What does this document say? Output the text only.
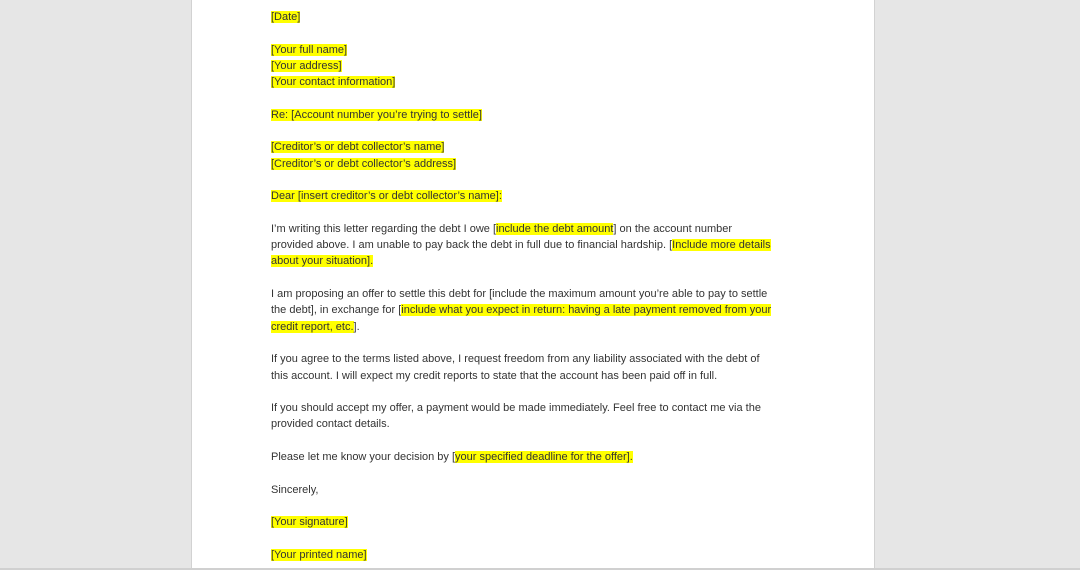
[Date]
[Your full name]
[Your address]
[Your contact information]
Re: [Account number you’re trying to settle]
[Creditor’s or debt collector’s name]
[Creditor’s or debt collector’s address]
Dear [insert creditor’s or debt collector’s name]:

I’m writing this letter regarding the debt I owe [include the debt amount] on the account number
provided above. I am unable to pay back the debt in full due to financial hardship. [Include more details
about your situation].

I am proposing an offer to settle this debt for [include the maximum amount you’re able to pay to settle
the debt], in exchange for [include what you expect in return: having a late payment removed from your
credit report, etc.].

If you agree to the terms listed above, I request freedom from any liability associated with the debt of
this account. I will expect my credit reports to state that the account has been paid off in full.

If you should accept my offer, a payment would be made immediately. Feel free to contact me via the
provided contact details.

Please let me know your decision by [your specified deadline for the offer].

Sincerely,
[Your signature]
[Your printed name]
